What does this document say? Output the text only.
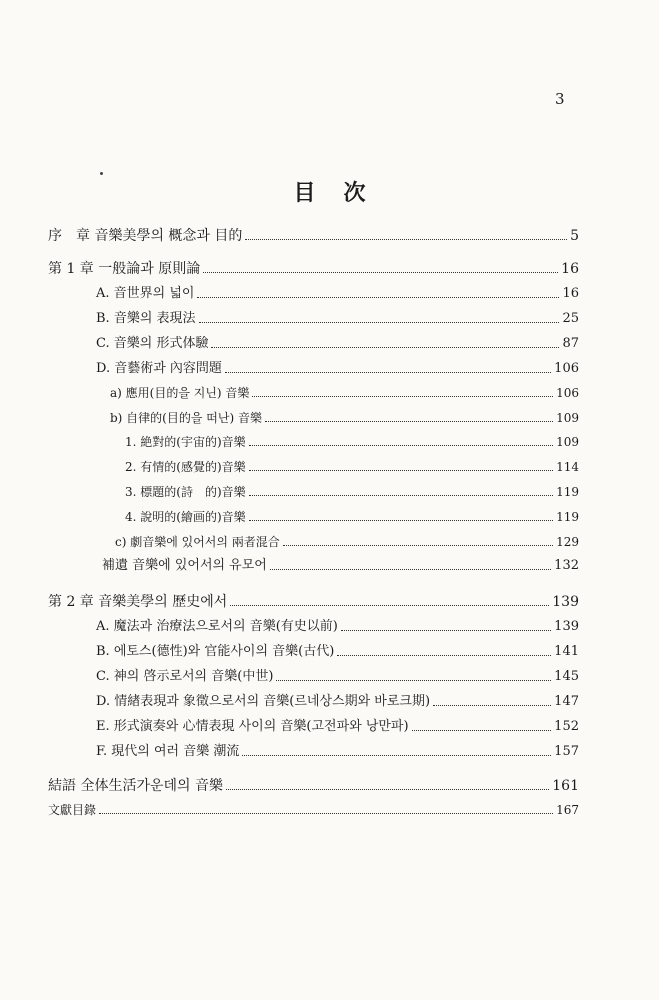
3
目 次
序　章 音樂美學의 概念과 目的	5
第 1 章 一般論과 原則論	16
A. 音世界의 넓이	16
B. 音樂의 表現法	25
C. 音樂의 形式体驗	87
D. 音藝術과 內容問題	106
a) 應用(目的을 지닌) 音樂	106
b) 自律的(目的을 떠난) 音樂	109
1. 絶對的(宇宙的)音樂	109
2. 有情的(感覺的)音樂	114
3. 標題的(詩　的)音樂	119
4. 說明的(繪画的)音樂	119
c) 劇音樂에 있어서의 兩者混合	129
補遺 音樂에 있어서의 유모어	132
第 2 章 音樂美學의 歷史에서	139
A. 魔法과 治療法으로서의 音樂(有史以前)	139
B. 에토스(德性)와 官能사이의 音樂(古代)	141
C. 神의 啓示로서의 音樂(中世)	145
D. 情緖表現과 象徵으로서의 音樂(르네상스期와 바로크期)	147
E. 形式演奏와 心情表現 사이의 音樂(고전파와 낭만파)	152
F. 現代의 여러 音樂 潮流	157
結語 全体生活가운데의 音樂	161
文獻目錄	167
